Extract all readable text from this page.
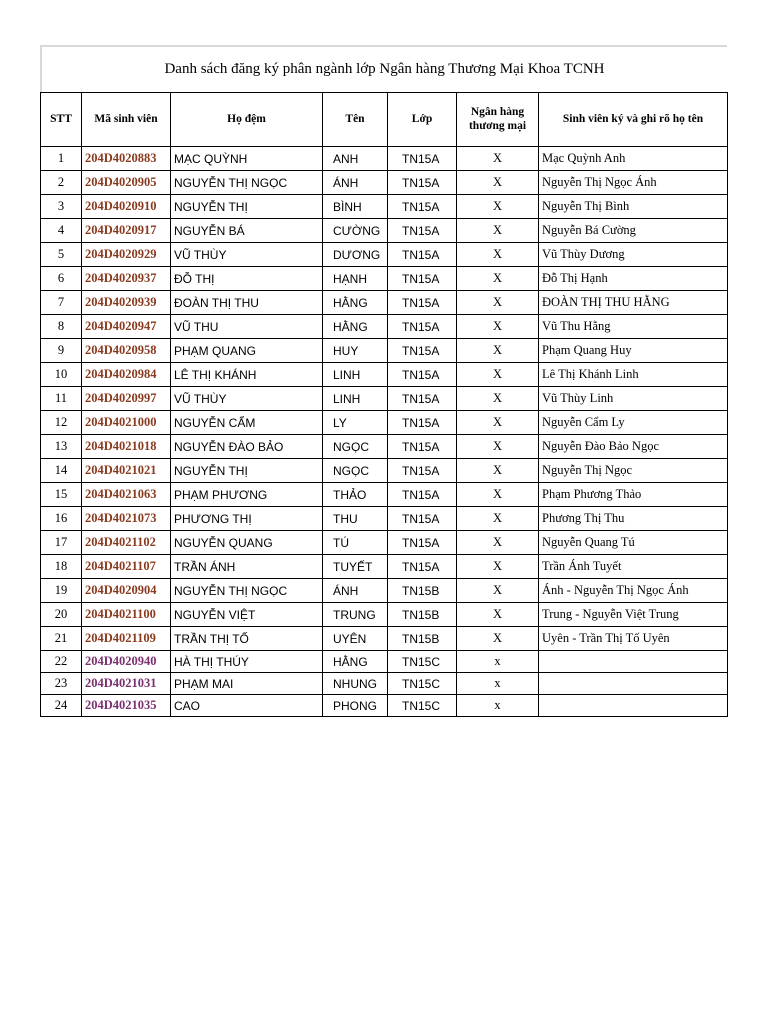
Danh sách đăng ký phân ngành lớp Ngân hàng Thương Mại Khoa TCNH
STT	Mã sinh viên	Họ đệm	Tên	Lớp	Ngân hàng thương mại	Sinh viên ký và ghi rõ họ tên
1	204D4020883	MẠC QUỲNH	ANH	TN15A	X	Mạc Quỳnh Anh
2	204D4020905	NGUYỄN THỊ NGỌC	ÁNH	TN15A	X	Nguyễn Thị Ngọc Ánh
3	204D4020910	NGUYỄN THỊ	BÌNH	TN15A	X	Nguyễn Thị Bình
4	204D4020917	NGUYỄN BÁ	CƯỜNG	TN15A	X	Nguyễn Bá Cường
5	204D4020929	VŨ THÙY	DƯƠNG	TN15A	X	Vũ Thùy Dương
6	204D4020937	ĐỖ THỊ	HẠNH	TN15A	X	Đỗ Thị Hạnh
7	204D4020939	ĐOÀN THỊ THU	HẰNG	TN15A	X	ĐOÀN THỊ THU HẰNG
8	204D4020947	VŨ THU	HẰNG	TN15A	X	Vũ Thu Hằng
9	204D4020958	PHẠM QUANG	HUY	TN15A	X	Phạm Quang Huy
10	204D4020984	LÊ THỊ KHÁNH	LINH	TN15A	X	Lê Thị Khánh Linh
11	204D4020997	VŨ THÙY	LINH	TN15A	X	Vũ Thùy Linh
12	204D4021000	NGUYỄN CẨM	LY	TN15A	X	Nguyễn Cẩm Ly
13	204D4021018	NGUYỄN ĐÀO BẢO	NGỌC	TN15A	X	Nguyễn Đào Bảo Ngọc
14	204D4021021	NGUYỄN THỊ	NGỌC	TN15A	X	Nguyễn Thị Ngọc
15	204D4021063	PHẠM PHƯƠNG	THẢO	TN15A	X	Phạm Phương Thảo
16	204D4021073	PHƯƠNG THỊ	THU	TN15A	X	Phương Thị Thu
17	204D4021102	NGUYỄN QUANG	TÚ	TN15A	X	Nguyễn Quang Tú
18	204D4021107	TRẦN ÁNH	TUYẾT	TN15A	X	Trần Ánh Tuyết
19	204D4020904	NGUYỄN THỊ NGỌC	ÁNH	TN15B	X	Ánh - Nguyễn Thị Ngọc Ánh
20	204D4021100	NGUYỄN VIỆT	TRUNG	TN15B	X	Trung - Nguyễn Việt Trung
21	204D4021109	TRẦN THỊ TỐ	UYÊN	TN15B	X	Uyên - Trần Thị Tố Uyên
22	204D4020940	HÀ THỊ THÚY	HẰNG	TN15C	x	
23	204D4021031	PHẠM MAI	NHUNG	TN15C	x	
24	204D4021035	CAO	PHONG	TN15C	x	
